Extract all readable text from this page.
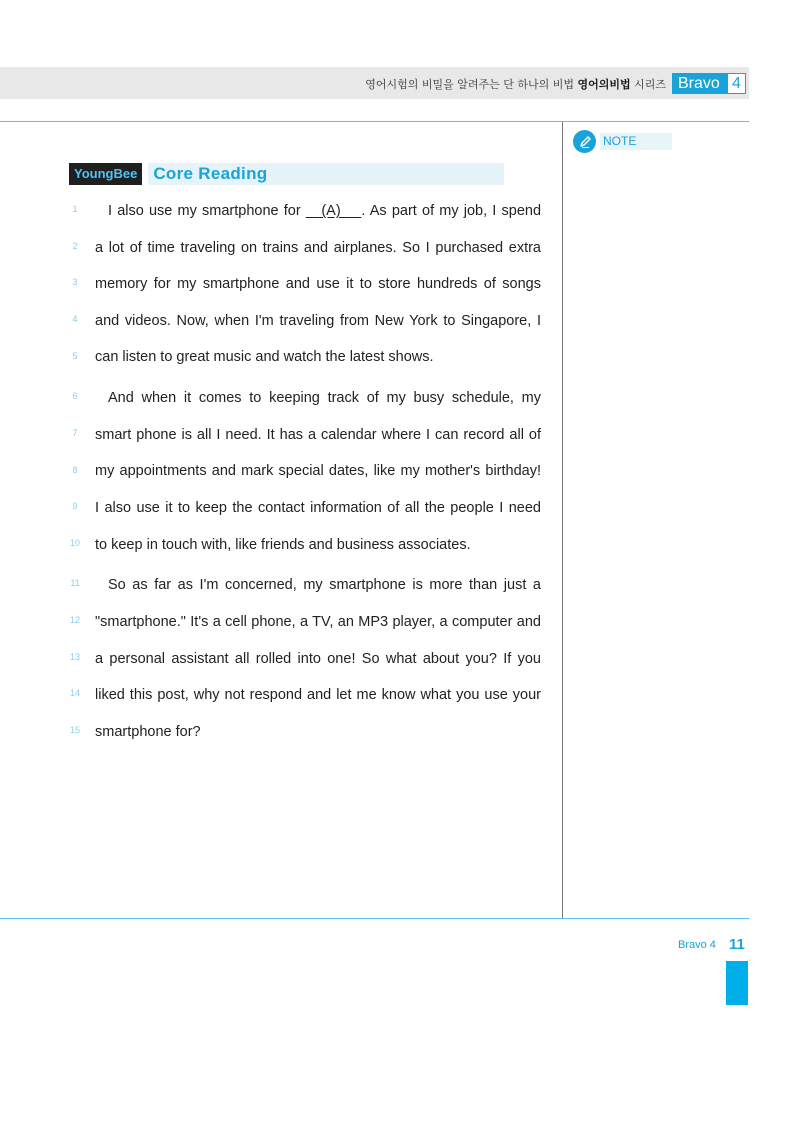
영어시험의 비밀을 알려주는 단 하나의 비법 영어의비법 시리즈 Bravo 4
NOTE
YoungBee Core Reading
1	I also use my smartphone for    (A)    . As part of my job, I spend
2	a lot of time traveling on trains and airplanes. So I purchased extra
3	memory for my smartphone and use it to store hundreds of songs
4	and videos. Now, when I'm traveling from New York to Singapore, I
5	can listen to great music and watch the latest shows.
6	And when it comes to keeping track of my busy schedule, my
7	smart phone is all I need. It has a calendar where I can record all of
8	my appointments and mark special dates, like my mother's birthday!
9	I also use it to keep the contact information of all the people I need
10 to keep in touch with, like friends and business associates.
11 So as far as I'm concerned, my smartphone is more than just a
12 "smartphone." It's a cell phone, a TV, an MP3 player, a computer and
13 a personal assistant all rolled into one! So what about you? If you
14 liked this post, why not respond and let me know what you use your
15 smartphone for?
Bravo 4 11
